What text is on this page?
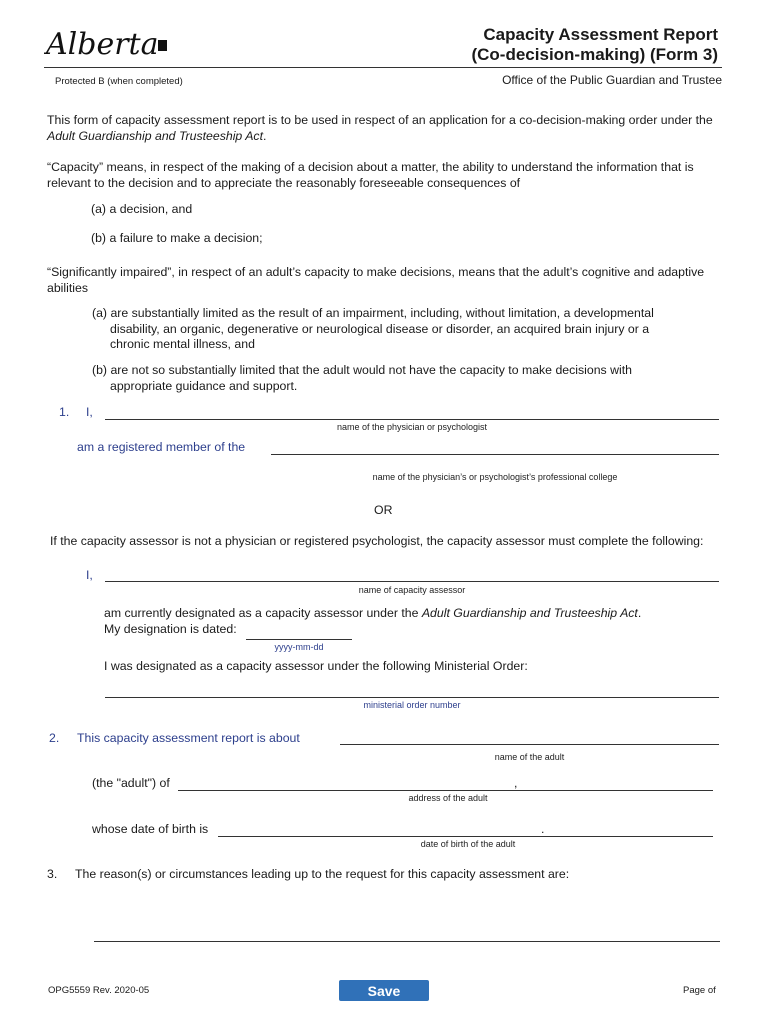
Alberta	Capacity Assessment Report
(Co-decision-making) (Form 3)
Protected B (when completed)	Office of the Public Guardian and Trustee
This form of capacity assessment report is to be used in respect of an application for a co-decision-making order under the Adult Guardianship and Trusteeship Act.
“Capacity” means, in respect of the making of a decision about a matter, the ability to understand the information that is relevant to the decision and to appreciate the reasonably foreseeable consequences of
(a) a decision, and
(b) a failure to make a decision;
“Significantly impaired”, in respect of an adult’s capacity to make decisions, means that the adult’s cognitive and adaptive abilities
(a) are substantially limited as the result of an impairment, including, without limitation, a developmental disability, an organic, degenerative or neurological disease or disorder, an acquired brain injury or a chronic mental illness, and
(b) are not so substantially limited that the adult would not have the capacity to make decisions with appropriate guidance and support.
1. I,
name of the physician or psychologist
am a registered member of the
name of the physician’s or psychologist’s professional college
OR
If the capacity assessor is not a physician or registered psychologist, the capacity assessor must complete the following:
I,
name of capacity assessor
am currently designated as a capacity assessor under the Adult Guardianship and Trusteeship Act.
My designation is dated:
yyyy-mm-dd
I was designated as a capacity assessor under the following Ministerial Order:
ministerial order number
2. This capacity assessment report is about
name of the adult
(the "adult") of	,
address of the adult
whose date of birth is	.
date of birth of the adult
3. The reason(s) or circumstances leading up to the request for this capacity assessment are:
OPG5559 Rev. 2020-05	Save	Page of
